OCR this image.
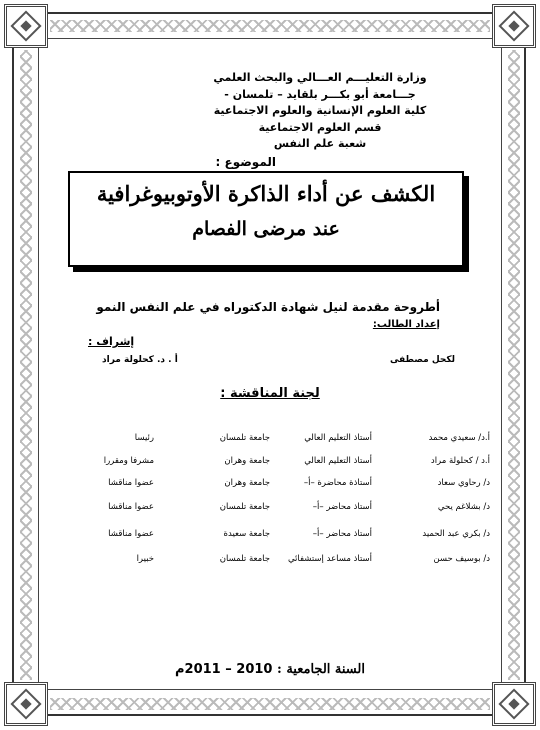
وزارة التعليـــم العـــالي والبحث العلمي
جـــامعة أبو بكـــر بلقايد – تلمسان -
كلية العلوم الإنسانية والعلوم الاجتماعية
قسم العلوم الاجتماعية
شعبة علم النفس
الموضوع :
الكشف عن أداء الذاكرة الأوتوبيوغرافية
عند مرضى الفصام
أطروحة مقدمة لنيل شهادة الدكتوراه في علم النفس النمو
إعداد الطالب:
إشراف :
لكحل مصطفى
أ . د. كحلولة مراد
لجنة المناقشة :
أ.د/ سعيدي محمد
أستاذ التعليم العالي
جامعة تلمسان
رئيسا
أ.د / كحلولة مراد
أستاذ التعليم العالي
جامعة وهران
مشرفا ومقررا
د/ رحاوي سعاد
أستاذة محاضرة –أ–
جامعة وهران
عضوا مناقشا
د/ بشلاغم يحي
أستاذ محاضر –أ–
جامعة تلمسان
عضوا مناقشا
د/ بكري عبد الحميد
أستاذ محاضر –أ–
جامعة سعيدة
عضوا مناقشا
د/ بوسيف حسن
أستاذ مساعد إستشفائي
جامعة تلمسان
خبيرا
السنة الجامعية : 2010 – 2011م
